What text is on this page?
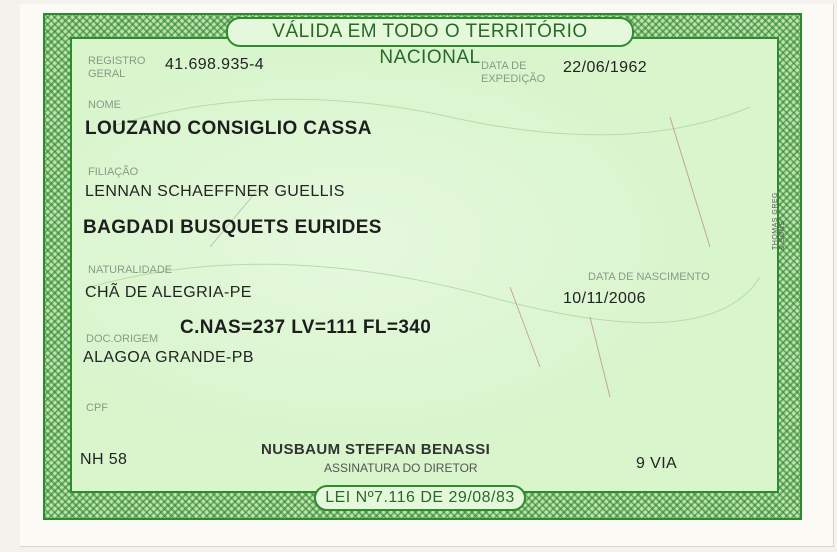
VÁLIDA EM TODO O TERRITÓRIO NACIONAL
LEI Nº7.116 DE 29/08/83
THOMAS GREG & SONS
REGISTRO GERAL
41.698.935-4	DATA DE EXPEDIÇÃO
22/06/1962
NOME
LOUZANO CONSIGLIO CASSA
FILIAÇÃO
LENNAN SCHAEFFNER GUELLIS
BAGDADI BUSQUETS EURIDES
NATURALIDADE
CHÃ DE ALEGRIA-PE
DATA DE NASCIMENTO
10/11/2006
DOC.ORIGEM
C.NAS=237 LV=111 FL=340
ALAGOA GRANDE-PB
CPF
NH 58
NUSBAUM STEFFAN BENASSI
ASSINATURA DO DIRETOR	9 VIA
